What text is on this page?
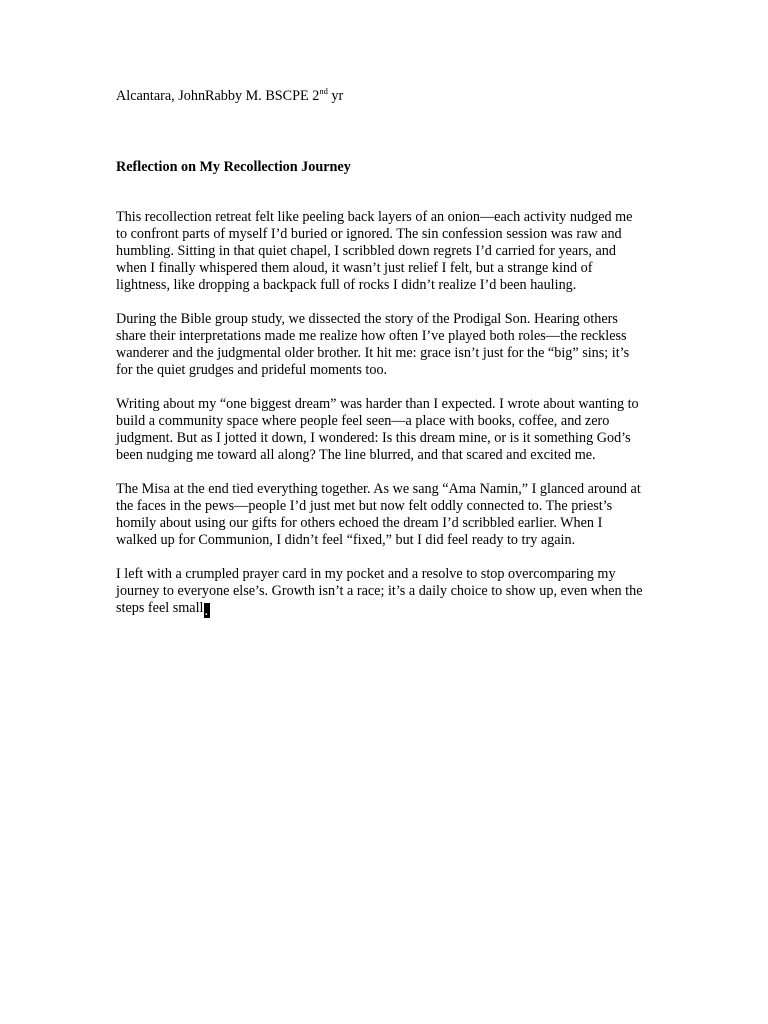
Alcantara, JohnRabby M. BSCPE 2nd yr
Reflection on My Recollection Journey

This recollection retreat felt like peeling back layers of an onion—each activity nudged me to confront parts of myself I’d buried or ignored. The sin confession session was raw and humbling. Sitting in that quiet chapel, I scribbled down regrets I’d carried for years, and when I finally whispered them aloud, it wasn’t just relief I felt, but a strange kind of lightness, like dropping a backpack full of rocks I didn’t realize I’d been hauling.

During the Bible group study, we dissected the story of the Prodigal Son. Hearing others share their interpretations made me realize how often I’ve played both roles—the reckless wanderer and the judgmental older brother. It hit me: grace isn’t just for the “big” sins; it’s for the quiet grudges and prideful moments too.

Writing about my “one biggest dream” was harder than I expected. I wrote about wanting to build a community space where people feel seen—a place with books, coffee, and zero judgment. But as I jotted it down, I wondered: Is this dream mine, or is it something God’s been nudging me toward all along? The line blurred, and that scared and excited me.

The Misa at the end tied everything together. As we sang “Ama Namin,” I glanced around at the faces in the pews—people I’d just met but now felt oddly connected to. The priest’s homily about using our gifts for others echoed the dream I’d scribbled earlier. When I walked up for Communion, I didn’t feel “fixed,” but I did feel ready to try again.

I left with a crumpled prayer card in my pocket and a resolve to stop overcomparing my journey to everyone else’s. Growth isn’t a race; it’s a daily choice to show up, even when the steps feel small.
